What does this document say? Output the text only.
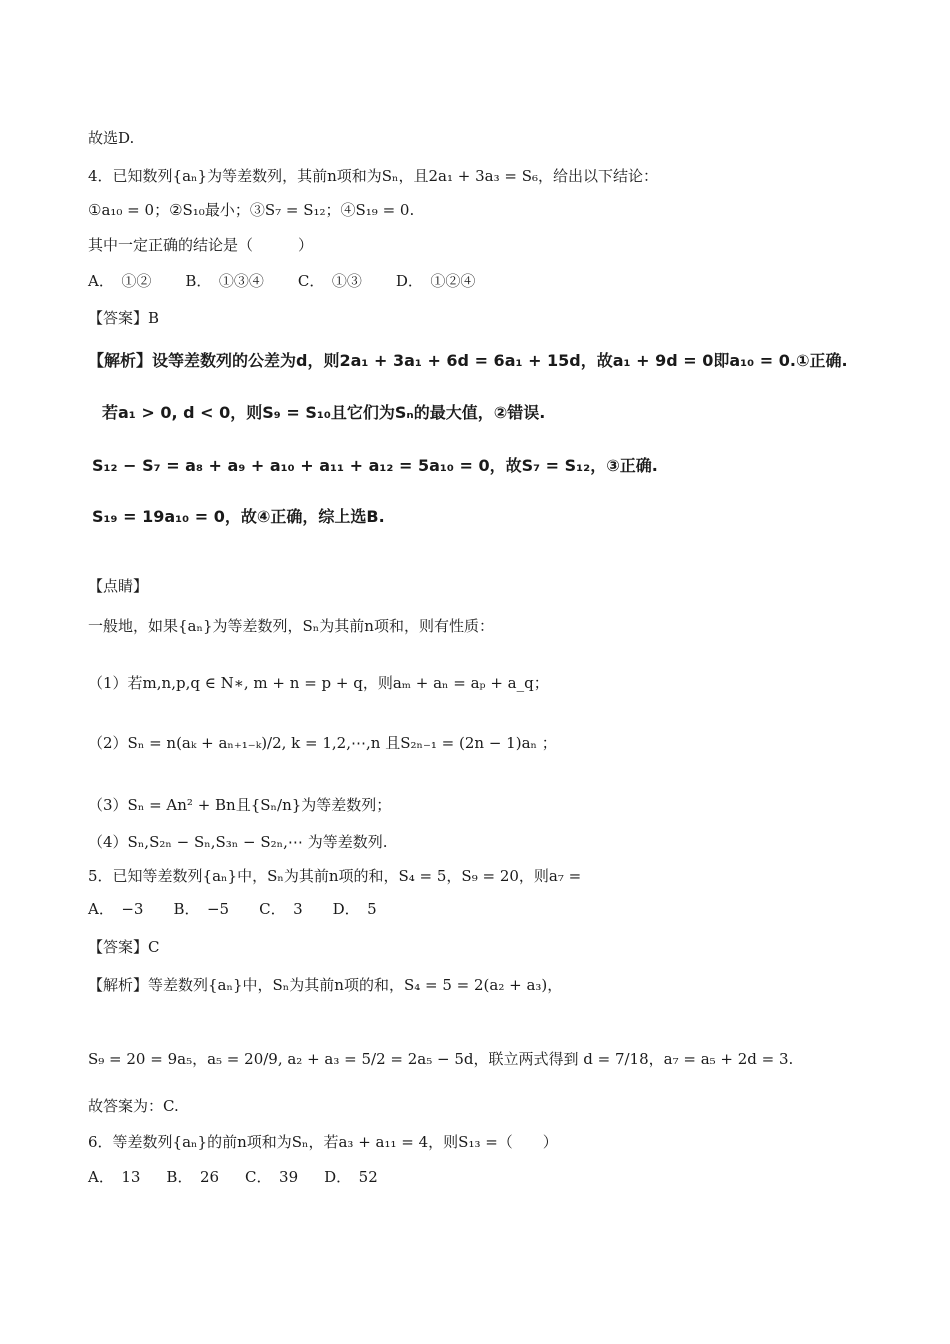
故选D.
4．已知数列{aₙ}为等差数列，其前n项和为Sₙ，且2a₁ + 3a₃ = S₆，给出以下结论：
①a₁₀ = 0；②S₁₀最小；③S₇ = S₁₂；④S₁₉ = 0.
其中一定正确的结论是（　　　）
A．　①② B．　①③④ C．　①③ D．　①②④
【答案】B
【解析】设等差数列的公差为d，则2a₁ + 3a₁ + 6d = 6a₁ + 15d，故a₁ + 9d = 0即a₁₀ = 0.①正确.
若a₁ > 0, d < 0，则S₉ = S₁₀且它们为Sₙ的最大值，②错误.
S₁₂ − S₇ = a₈ + a₉ + a₁₀ + a₁₁ + a₁₂ = 5a₁₀ = 0，故S₇ = S₁₂，③正确.
S₁₉ = 19a₁₀ = 0，故④正确，综上选B.
【点睛】
一般地，如果{aₙ}为等差数列，Sₙ为其前n项和，则有性质：
（1）若m,n,p,q ∈ N∗, m + n = p + q，则aₘ + aₙ = aₚ + a_q；
（2）Sₙ = n(aₖ + aₙ₊₁₋ₖ)/2, k = 1,2,⋯,n 且S₂ₙ₋₁ = (2n − 1)aₙ ；
（3）Sₙ = An² + Bn且{Sₙ/n}为等差数列；
（4）Sₙ,S₂ₙ − Sₙ,S₃ₙ − S₂ₙ,⋯ 为等差数列.
5．已知等差数列{aₙ}中，Sₙ为其前n项的和，S₄ = 5，S₉ = 20，则a₇ =
A．　−3 B．　−5 C．　3 D．　5
【答案】C
【解析】等差数列{aₙ}中，Sₙ为其前n项的和，S₄ = 5 = 2(a₂ + a₃)，
S₉ = 20 = 9a₅，a₅ = 20/9, a₂ + a₃ = 5/2 = 2a₅ − 5d，联立两式得到 d = 7/18，a₇ = a₅ + 2d = 3.
故答案为：C.
6．等差数列{aₙ}的前n项和为Sₙ，若a₃ + a₁₁ = 4，则S₁₃ =（　　）
A．　13 B．　26 C．　39 D．　52
